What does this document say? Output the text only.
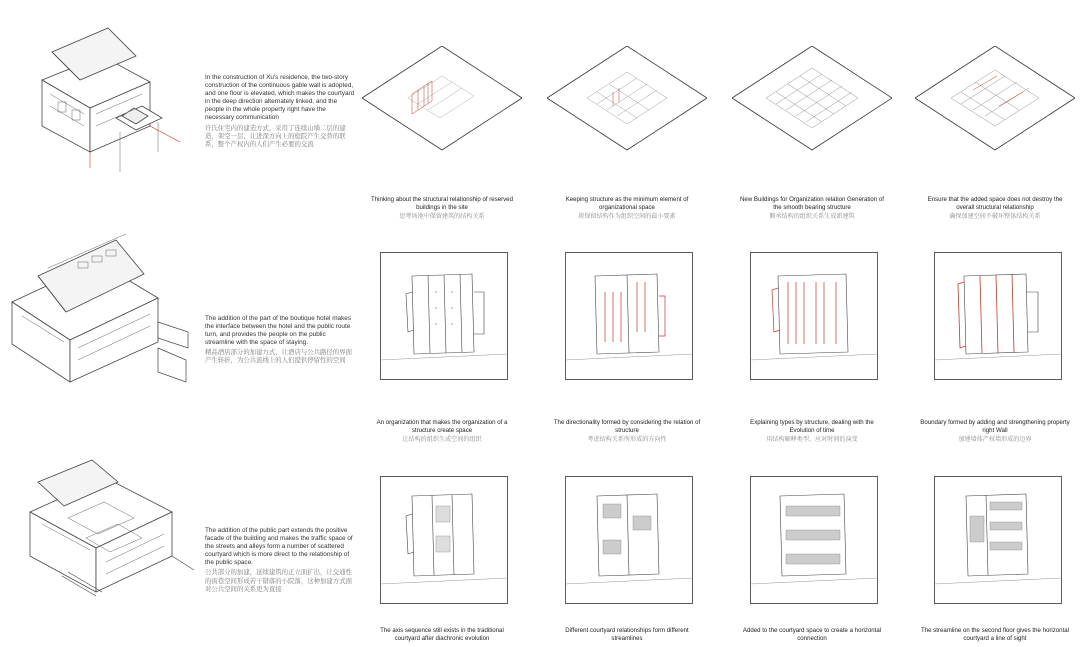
In the construction of Xu's residence, the two-story construction of the continuous gable wall is adopted, and one floor is elevated, which makes the courtyard in the deep direction alternately linked, and the people in the whole property right have the necessary communication
许氏住宅内的建造方式，采用了连续山墙二层的建造，架空一层，让进深方向上的庭院产生交替的联系，整个产权内的人们产生必要的交流
The addition of the part of the boutique hotel makes the interface between the hotel and the public route turn, and provides the people on the public streamline with the space of staying.
精品酒店部分的加建方式，让酒店与公共路径的界面产生转折，为公共流线上的人们提供停留性的空间
The addition of the public part extends the positive facade of the building and makes the traffic space of the streets and alleys form a number of scattered courtyard which is more direct to the relationship of the public space.
公共部分的加建，延续建筑的正立面扩出，让交通性的街巷空间形成若干错落的小院落，这种加建方式面对公共空间的关系更为直接
Thinking about the structural relationship of reserved buildings in the site
思考场地中保留建筑的结构关系
Keeping structure as the minimum element of organizational space
将保留结构作为组织空间的最小要素
New Buildings for Organization relation Generation of the smooth bearing structure
顺承结构的组织关系生成新建筑
Ensure that the added space does not destroy the overall structural relationship
确保加建空间不破坏整体结构关系
An organization that makes the organization of a structure create space
让结构的组织生成空间的组织
The directionality formed by considering the relation of structure
考虑结构关系所形成的方向性
Explaining types by structure, dealing with the Evolution of time
用结构解释类型，应对时间的演变
Boundary formed by adding and strengthening property right Wall
加建墙体产权墙形成的边界
The axis sequence still exists in the traditional courtyard after diachronic evolution
Different courtyard relationships form different streamlines
Added to the courtyard space to create a horizontal connection
The streamline on the second floor gives the horizontal courtyard a line of sight
